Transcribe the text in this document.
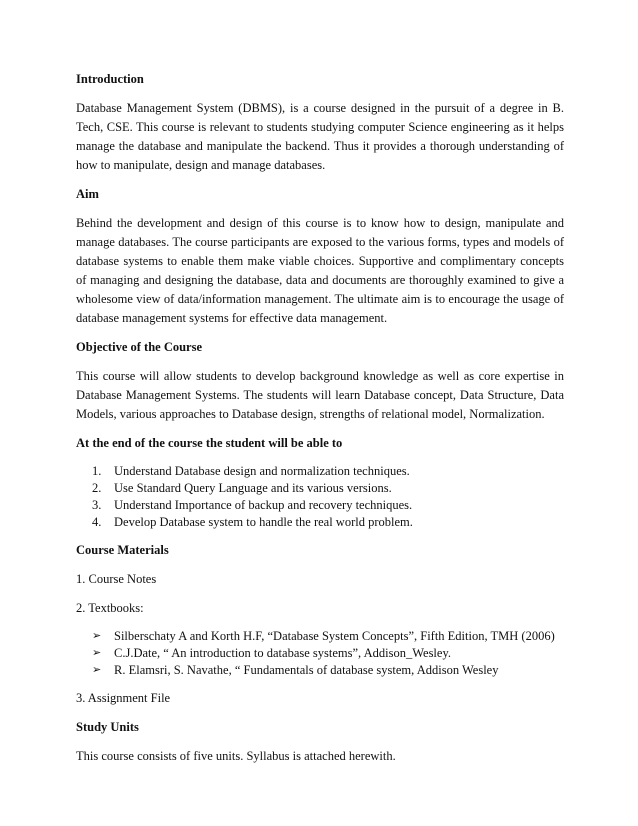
Introduction
Database Management System (DBMS), is a course designed in the pursuit of a degree in B. Tech, CSE. This course is relevant to students studying computer Science engineering as it helps manage the database and manipulate the backend. Thus it provides a thorough understanding of how to manipulate, design and manage databases.
Aim
Behind the development and design of this course is to know how to design, manipulate and manage databases. The course participants are exposed to the various forms, types and models of database systems to enable them make viable choices. Supportive and complimentary concepts of managing and designing the database, data and documents are thoroughly examined to give a wholesome view of data/information management. The ultimate aim is to encourage the usage of database management systems for effective data management.
Objective of the Course
This course will allow students to develop background knowledge as well as core expertise in Database Management Systems. The students will learn Database concept, Data Structure, Data Models, various approaches to Database design, strengths of relational model, Normalization.
At the end of the course the student will be able to
1. Understand Database design and normalization techniques.
2. Use Standard Query Language and its various versions.
3. Understand Importance of backup and recovery techniques.
4. Develop Database system to handle the real world problem.
Course Materials
1. Course Notes
2. Textbooks:
➢ Silberschaty A and Korth H.F, “Database System Concepts”, Fifth Edition, TMH (2006)
➢ C.J.Date, “ An introduction to database systems”, Addison_Wesley.
➢ R. Elamsri, S. Navathe, “ Fundamentals of database system, Addison Wesley
3. Assignment File
Study Units
This course consists of five units. Syllabus is attached herewith.
